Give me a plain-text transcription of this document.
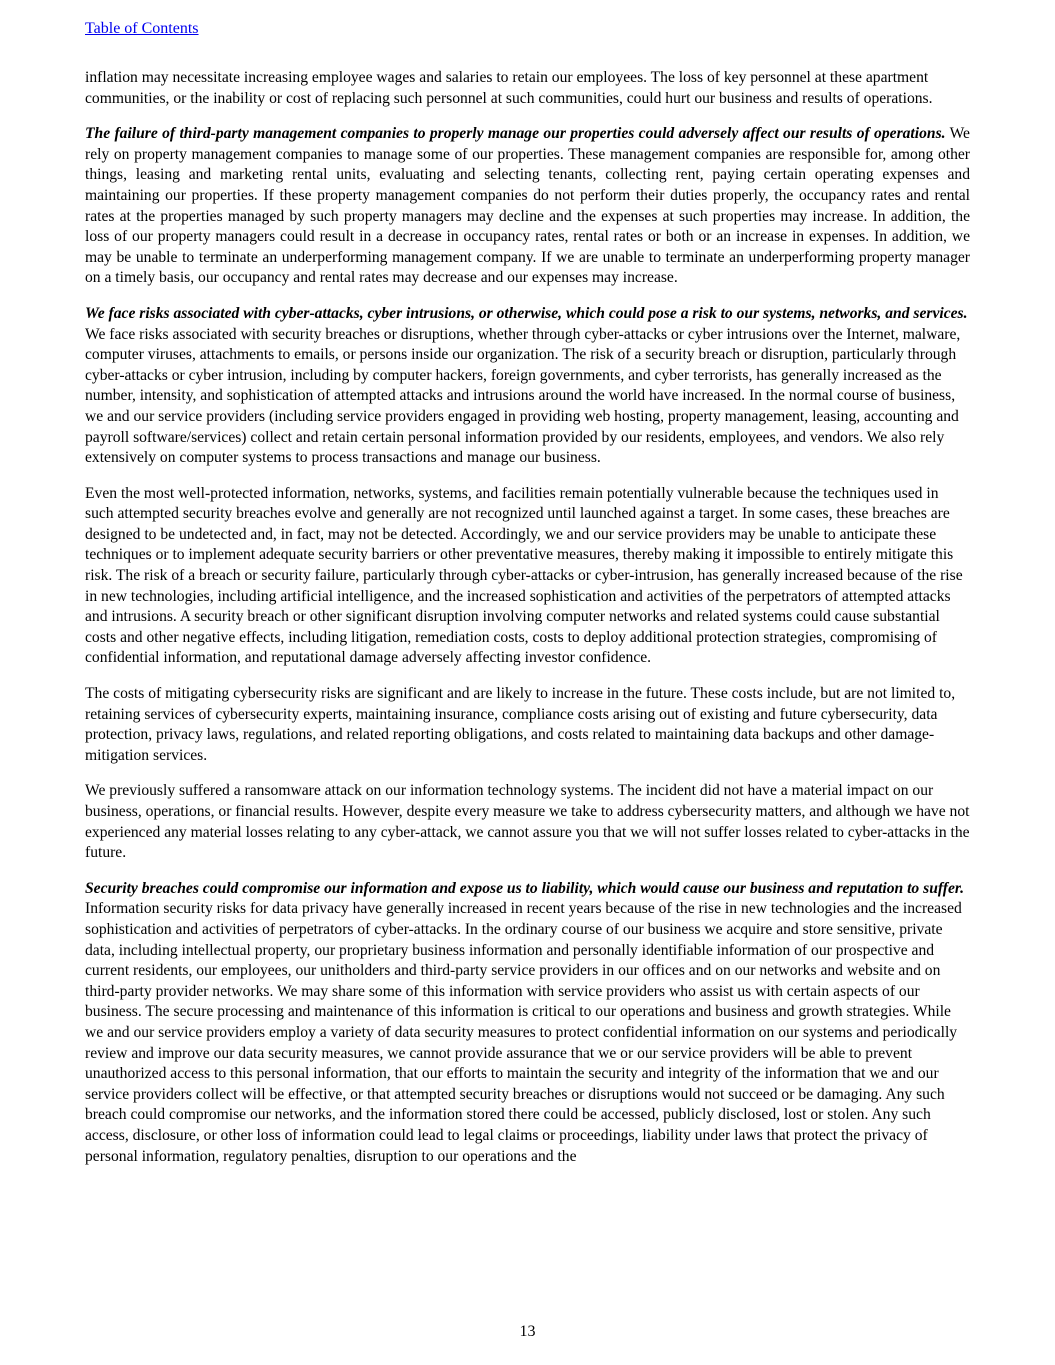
Table of Contents

inflation may necessitate increasing employee wages and salaries to retain our employees. The loss of key personnel at these apartment communities, or the inability or cost of replacing such personnel at such communities, could hurt our business and results of operations.

The failure of third-party management companies to properly manage our properties could adversely affect our results of operations. We rely on property management companies to manage some of our properties. These management companies are responsible for, among other things, leasing and marketing rental units, evaluating and selecting tenants, collecting rent, paying certain operating expenses and maintaining our properties. If these property management companies do not perform their duties properly, the occupancy rates and rental rates at the properties managed by such property managers may decline and the expenses at such properties may increase. In addition, the loss of our property managers could result in a decrease in occupancy rates, rental rates or both or an increase in expenses. In addition, we may be unable to terminate an underperforming management company. If we are unable to terminate an underperforming property manager on a timely basis, our occupancy and rental rates may decrease and our expenses may increase.

We face risks associated with cyber-attacks, cyber intrusions, or otherwise, which could pose a risk to our systems, networks, and services. We face risks associated with security breaches or disruptions, whether through cyber-attacks or cyber intrusions over the Internet, malware, computer viruses, attachments to emails, or persons inside our organization. The risk of a security breach or disruption, particularly through cyber-attacks or cyber intrusion, including by computer hackers, foreign governments, and cyber terrorists, has generally increased as the number, intensity, and sophistication of attempted attacks and intrusions around the world have increased. In the normal course of business, we and our service providers (including service providers engaged in providing web hosting, property management, leasing, accounting and payroll software/services) collect and retain certain personal information provided by our residents, employees, and vendors. We also rely extensively on computer systems to process transactions and manage our business.

Even the most well-protected information, networks, systems, and facilities remain potentially vulnerable because the techniques used in such attempted security breaches evolve and generally are not recognized until launched against a target. In some cases, these breaches are designed to be undetected and, in fact, may not be detected. Accordingly, we and our service providers may be unable to anticipate these techniques or to implement adequate security barriers or other preventative measures, thereby making it impossible to entirely mitigate this risk. The risk of a breach or security failure, particularly through cyber-attacks or cyber-intrusion, has generally increased because of the rise in new technologies, including artificial intelligence, and the increased sophistication and activities of the perpetrators of attempted attacks and intrusions. A security breach or other significant disruption involving computer networks and related systems could cause substantial costs and other negative effects, including litigation, remediation costs, costs to deploy additional protection strategies, compromising of confidential information, and reputational damage adversely affecting investor confidence.

The costs of mitigating cybersecurity risks are significant and are likely to increase in the future. These costs include, but are not limited to, retaining services of cybersecurity experts, maintaining insurance, compliance costs arising out of existing and future cybersecurity, data protection, privacy laws, regulations, and related reporting obligations, and costs related to maintaining data backups and other damage-mitigation services.

We previously suffered a ransomware attack on our information technology systems. The incident did not have a material impact on our business, operations, or financial results. However, despite every measure we take to address cybersecurity matters, and although we have not experienced any material losses relating to any cyber-attack, we cannot assure you that we will not suffer losses related to cyber-attacks in the future.

Security breaches could compromise our information and expose us to liability, which would cause our business and reputation to suffer. Information security risks for data privacy have generally increased in recent years because of the rise in new technologies and the increased sophistication and activities of perpetrators of cyber-attacks. In the ordinary course of our business we acquire and store sensitive, private data, including intellectual property, our proprietary business information and personally identifiable information of our prospective and current residents, our employees, our unitholders and third-party service providers in our offices and on our networks and website and on third-party provider networks. We may share some of this information with service providers who assist us with certain aspects of our business. The secure processing and maintenance of this information is critical to our operations and business and growth strategies. While we and our service providers employ a variety of data security measures to protect confidential information on our systems and periodically review and improve our data security measures, we cannot provide assurance that we or our service providers will be able to prevent unauthorized access to this personal information, that our efforts to maintain the security and integrity of the information that we and our service providers collect will be effective, or that attempted security breaches or disruptions would not succeed or be damaging. Any such breach could compromise our networks, and the information stored there could be accessed, publicly disclosed, lost or stolen. Any such access, disclosure, or other loss of information could lead to legal claims or proceedings, liability under laws that protect the privacy of personal information, regulatory penalties, disruption to our operations and the

13
